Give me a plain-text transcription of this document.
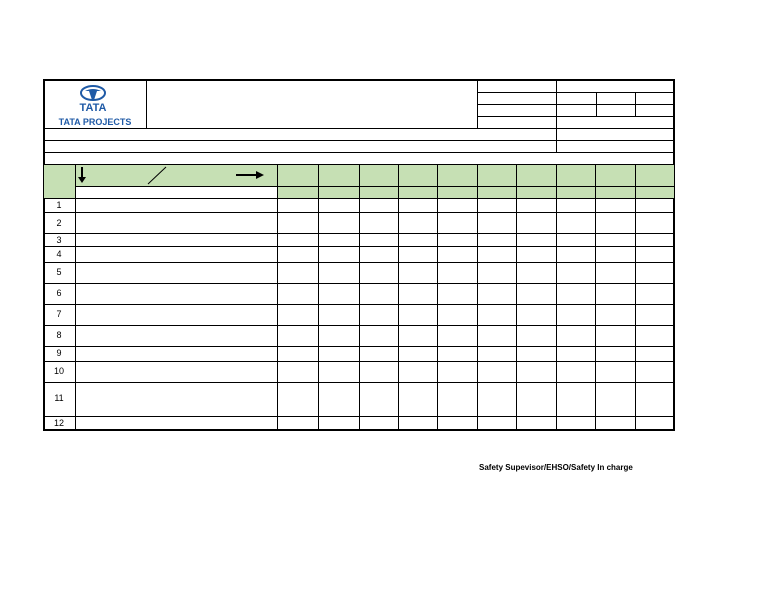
TATA
TATA PROJECTS
1
2
3
4
5
6
7
8
9
10
11
12
Safety Supevisor/EHSO/Safety In charge
